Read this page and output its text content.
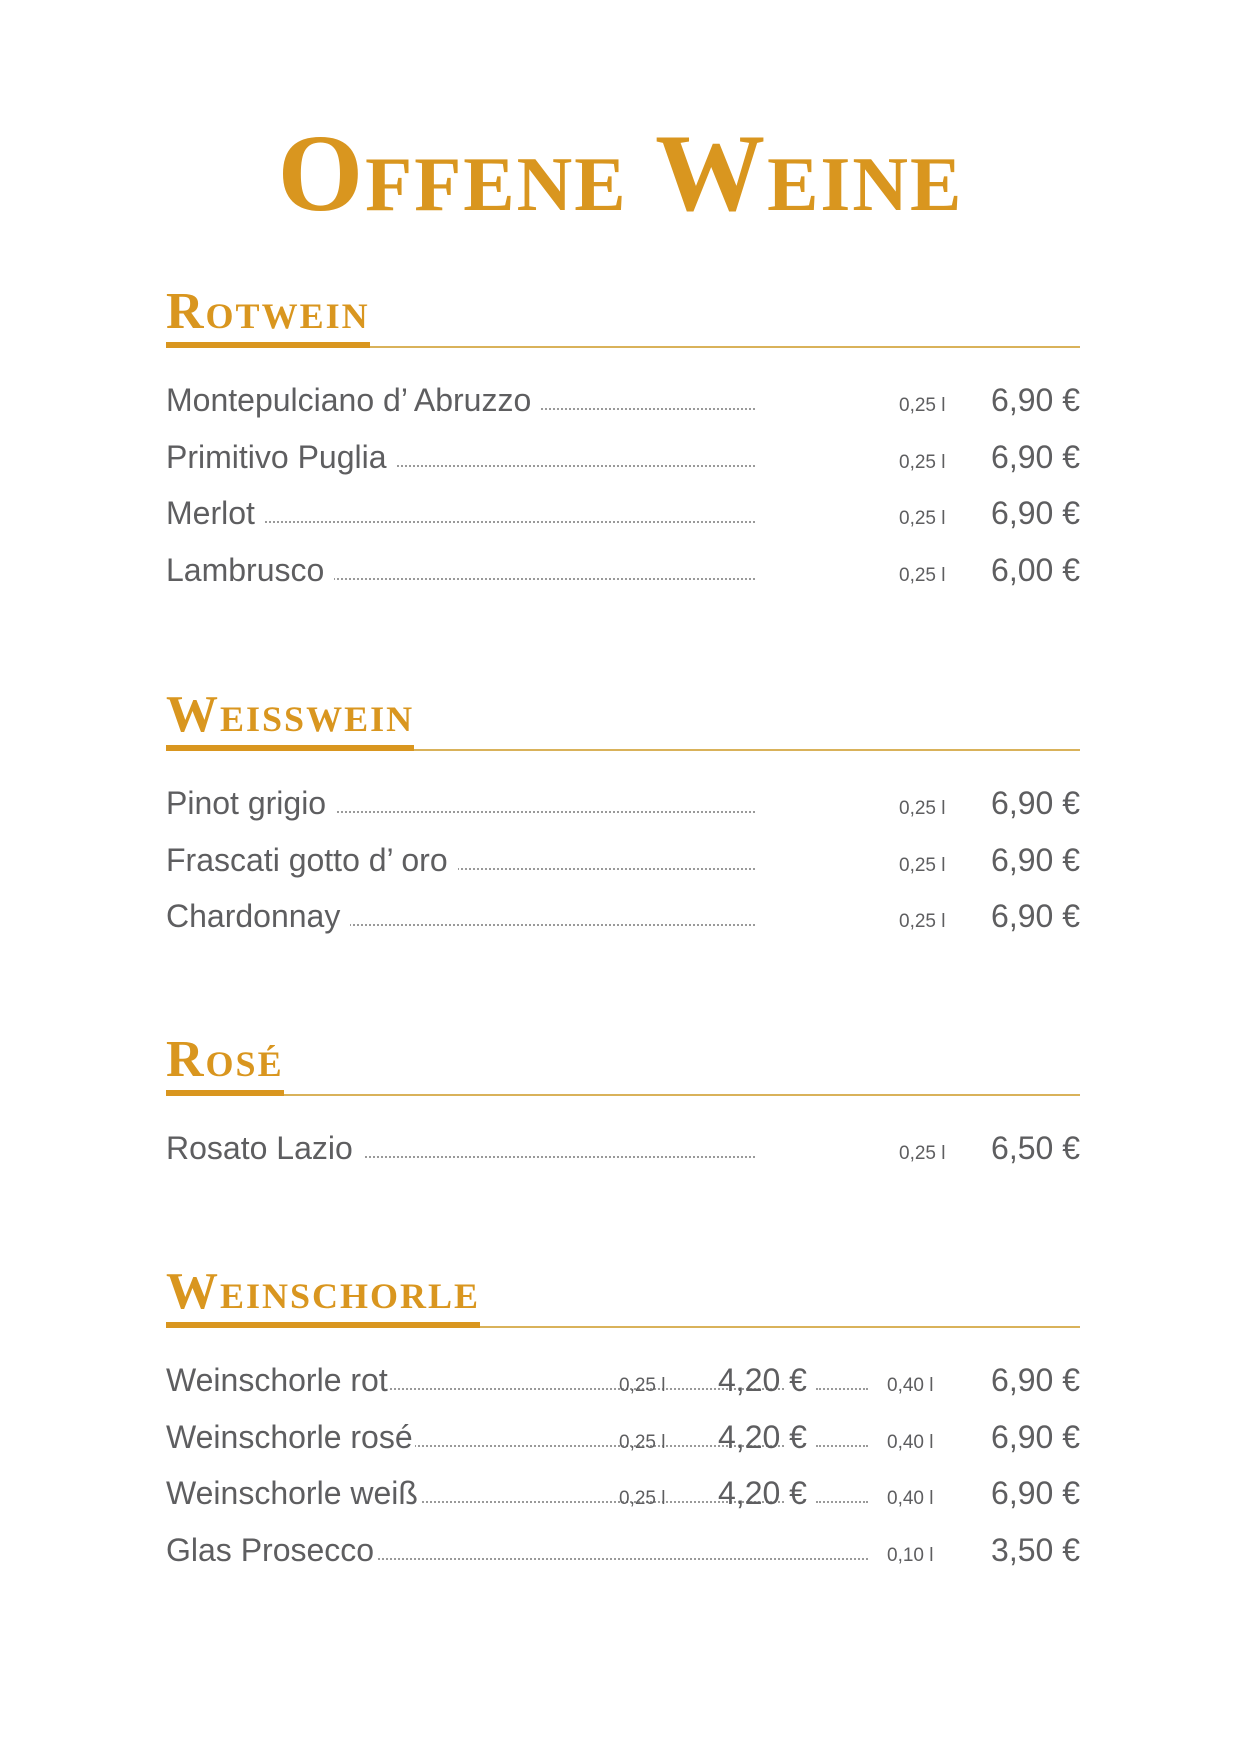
Offene Weine
Rotwein
Montepulciano d’ Abruzzo	0,25 l 6,90 €
Primitivo Puglia	0,25 l 6,90 €
Merlot	0,25 l 6,90 €
Lambrusco	0,25 l 6,00 €
Weisswein
Pinot grigio	0,25 l 6,90 €
Frascati gotto d’ oro	0,25 l 6,90 €
Chardonnay	0,25 l 6,90 €
Rosé
Rosato Lazio	0,25 l 6,50 €
Weinschorle
Weinschorle rot	0,25 l 4,20 €	0,40 l 6,90 €
Weinschorle rosé	0,25 l 4,20 €	0,40 l 6,90 €
Weinschorle weiß	0,25 l 4,20 €	0,40 l 6,90 €
Glas Prosecco	0,10 l 3,50 €
